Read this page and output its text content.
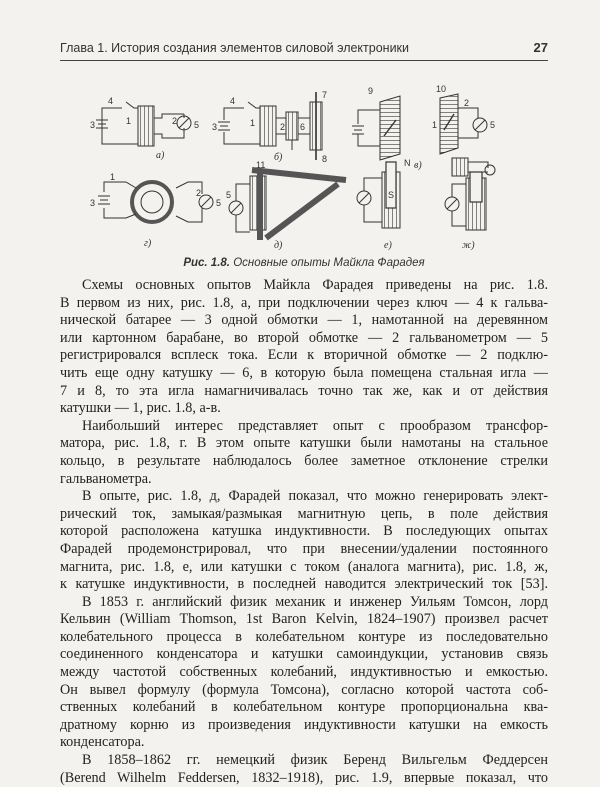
Глава 1. История создания элементов силовой электроники	27
4
3	1	2 5
4
3	1	2 6
7
8
9	10
2
5
1
1
3
2
5
11
5
N
S
а)	б)
в)
г)	д)	е)	ж)
Рис. 1.8. Основные опыты Майкла Фарадея
Схемы основных опытов Майкла Фарадея приведены на рис. 1.8.
В первом из них, рис. 1.8, а, при подключении через ключ — 4 к гальва-
нической батарее — 3 одной обмотки — 1, намотанной на деревянном
или картонном барабане, во второй обмотке — 2 гальванометром — 5
регистрировался всплеск тока. Если к вторичной обмотке — 2 подклю-
чить еще одну катушку — 6, в которую была помещена стальная игла —
7 и 8, то эта игла намагничивалась точно так же, как и от действия
катушки — 1, рис. 1.8, а-в.
Наибольший интерес представляет опыт с прообразом трансфор-
матора, рис. 1.8, г. В этом опыте катушки были намотаны на стальное
кольцо, в результате наблюдалось более заметное отклонение стрелки
гальванометра.
В опыте, рис. 1.8, д, Фарадей показал, что можно генерировать элект-
рический ток, замыкая/размыкая магнитную цепь, в поле действия
которой расположена катушка индуктивности. В последующих опытах
Фарадей продемонстрировал, что при внесении/удалении постоянного
магнита, рис. 1.8, е, или катушки с током (аналога магнита), рис. 1.8, ж,
к катушке индуктивности, в последней наводится электрический ток [53].
В 1853 г. английский физик механик и инженер Уильям Томсон, лорд
Кельвин (William Thomson, 1st Baron Kelvin, 1824–1907) произвел расчет
колебательного процесса в колебательном контуре из последовательно
соединенного конденсатора и катушки самоиндукции, установив связь
между частотой собственных колебаний, индуктивностью и емкостью.
Он вывел формулу (формула Томсона), согласно которой частота соб-
ственных колебаний в колебательном контуре пропорциональна ква-
дратному корню из произведения индуктивности катушки на емкость
конденсатора.
В 1858–1862 гг. немецкий физик Беренд Вильгельм Феддерсен
(Berend Wilhelm Feddersen, 1832–1918), рис. 1.9, впервые показал, что
